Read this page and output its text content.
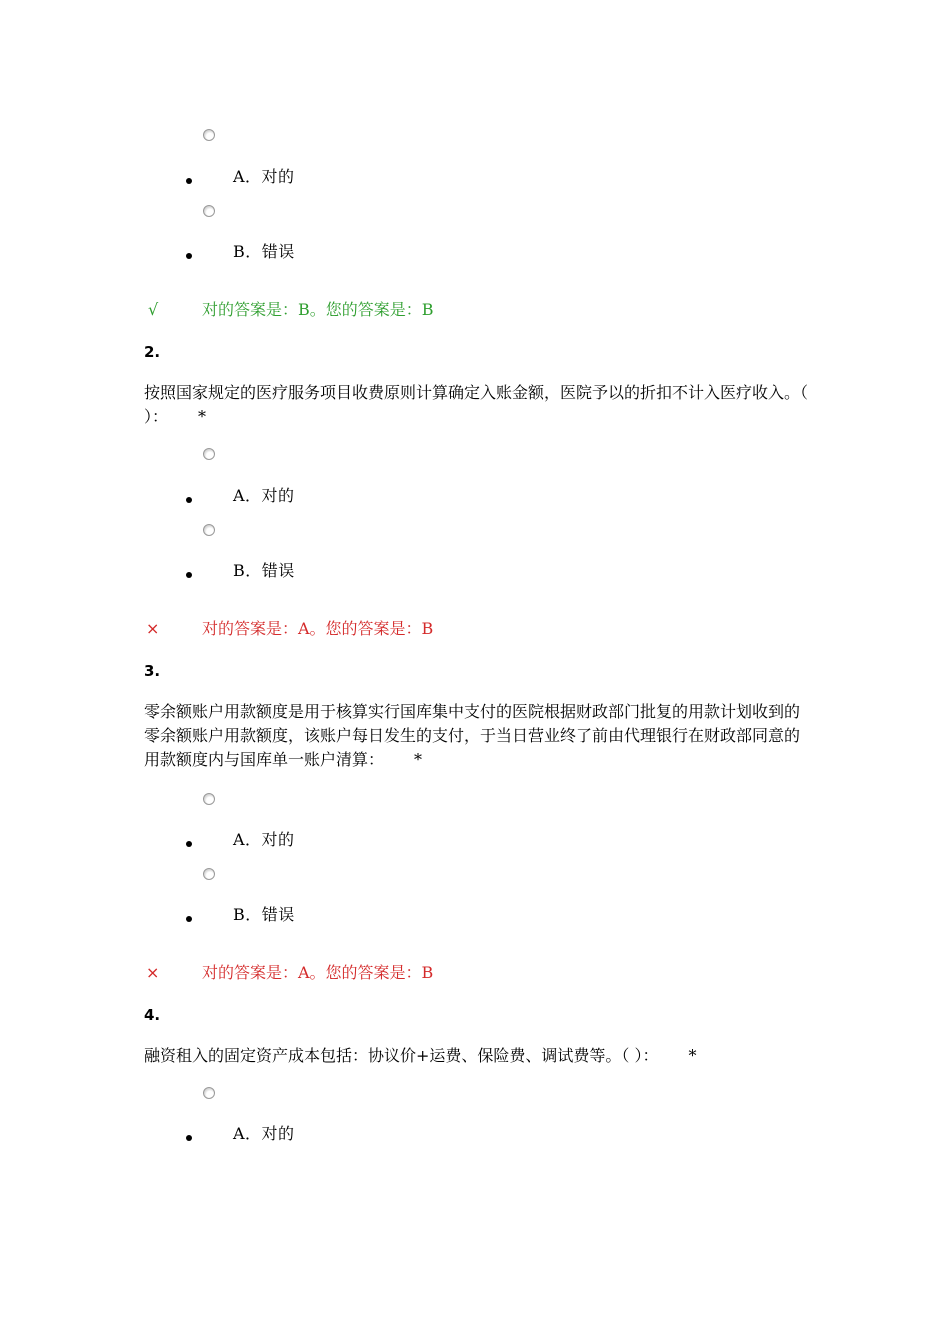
A．对的
B．错误
√	对的答案是：B。您的答案是：B
2.
按照国家规定的医疗服务项目收费原则计算确定入账金额，医院予以的折扣不计入医疗收入。（ ）： *
A．对的
B．错误
×	对的答案是：A。您的答案是：B
3.
零余额账户用款额度是用于核算实行国库集中支付的医院根据财政部门批复的用款计划收到的零余额账户用款额度，该账户每日发生的支付，于当日营业终了前由代理银行在财政部同意的用款额度内与国库单一账户清算： *
A．对的
B．错误
×	对的答案是：A。您的答案是：B
4.
融资租入的固定资产成本包括：协议价+运费、保险费、调试费等。（ ）： *
A．对的
